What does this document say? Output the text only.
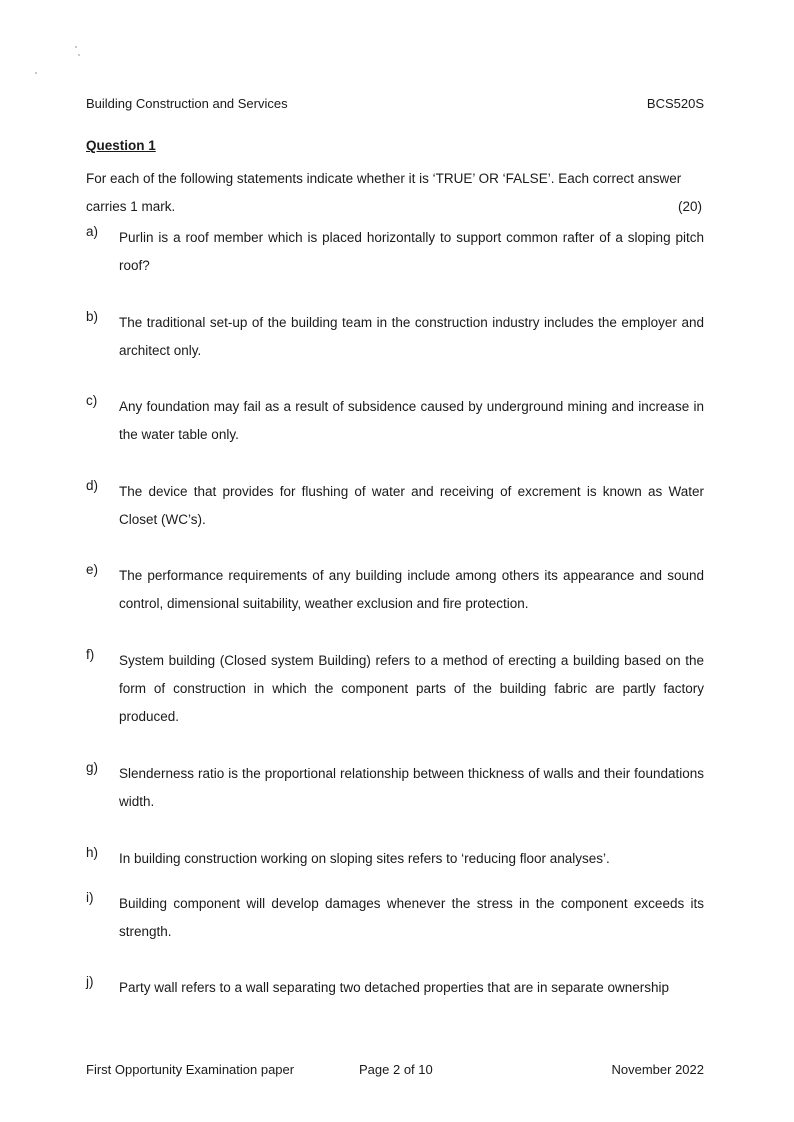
Building Construction and Services	BCS520S
Question 1
For each of the following statements indicate whether it is ‘TRUE’ OR ‘FALSE’. Each correct answer
carries 1 mark.	(20)
a)	Purlin is a roof member which is placed horizontally to support common rafter of a sloping pitch roof?
b)	The traditional set-up of the building team in the construction industry includes the employer and architect only.
c)	Any foundation may fail as a result of subsidence caused by underground mining and increase in the water table only.
d)	The device that provides for flushing of water and receiving of excrement is known as Water Closet (WC’s).
e)	The performance requirements of any building include among others its appearance and sound control, dimensional suitability, weather exclusion and fire protection.
f)	System building (Closed system Building) refers to a method of erecting a building based on the form of construction in which the component parts of the building fabric are partly factory produced.
g)	Slenderness ratio is the proportional relationship between thickness of walls and their foundations width.
h)	In building construction working on sloping sites refers to ‘reducing floor analyses’.
i)	Building component will develop damages whenever the stress in the component exceeds its strength.
j)	Party wall refers to a wall separating two detached properties that are in separate ownership
First Opportunity Examination paper	Page 2 of 10	November 2022
